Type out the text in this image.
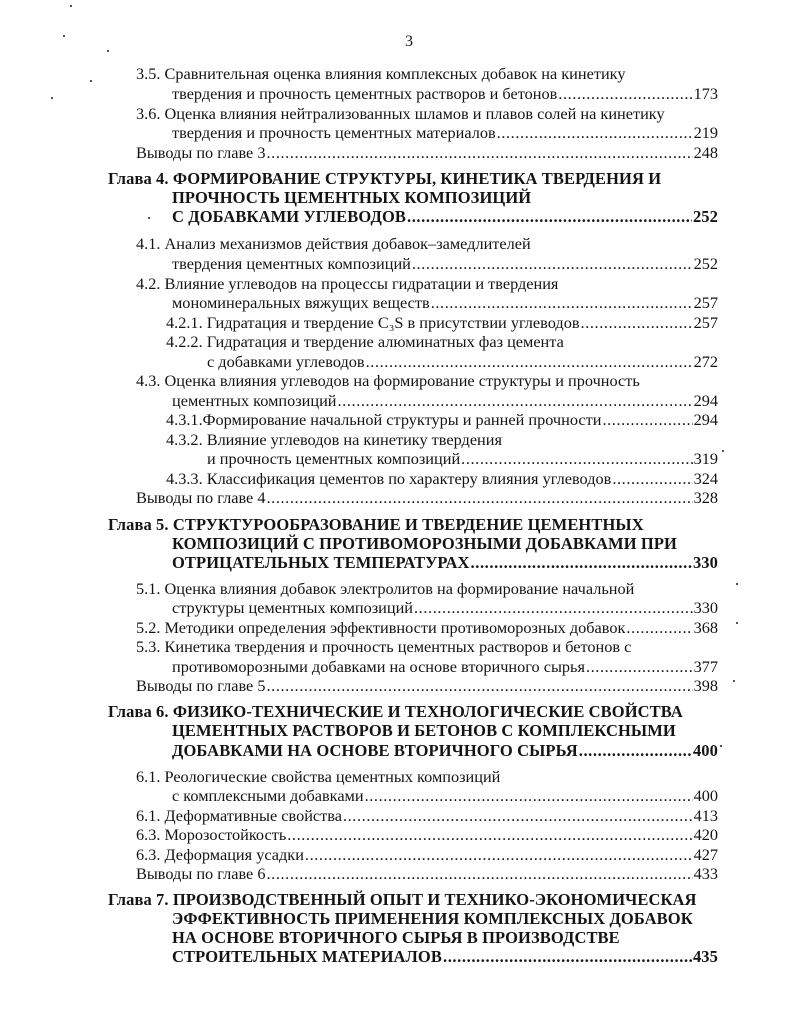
3
3.5. Сравнительная оценка влияния комплексных добавок на кинетику
твердения и прочность цементных растворов и бетонов .....	173
3.6. Оценка влияния нейтрализованных шламов и плавов солей на кинетику
твердения и прочность цементных материалов .....	219
Выводы по главе 3 .....	248
Глава 4. ФОРМИРОВАНИЕ СТРУКТУРЫ, КИНЕТИКА ТВЕРДЕНИЯ И
ПРОЧНОСТЬ ЦЕМЕНТНЫХ КОМПОЗИЦИЙ
С ДОБАВКАМИ УГЛЕВОДОВ .....	252
4.1. Анализ механизмов действия добавок–замедлителей
твердения цементных композиций .....	252
4.2. Влияние углеводов на процессы гидратации и твердения
мономинеральных вяжущих веществ .....	257
4.2.1. Гидратация и твердение C₃S в присутствии углеводов .....	257
4.2.2. Гидратация и твердение алюминатных фаз цемента
с добавками углеводов .....	272
4.3. Оценка влияния углеводов на формирование структуры и прочность
цементных композиций .....	294
4.3.1.Формирование начальной структуры и ранней прочности .....	294
4.3.2. Влияние углеводов на кинетику твердения
и прочность цементных композиций .....	319
4.3.3. Классификация цементов по характеру влияния углеводов .....	324
Выводы по главе 4 .....	328
Глава 5. СТРУКТУРООБРАЗОВАНИЕ И ТВЕРДЕНИЕ ЦЕМЕНТНЫХ
КОМПОЗИЦИЙ С ПРОТИВОМОРОЗНЫМИ ДОБАВКАМИ ПРИ
ОТРИЦАТЕЛЬНЫХ ТЕМПЕРАТУРАХ .....	330
5.1. Оценка влияния добавок электролитов на формирование начальной
структуры цементных композиций .....	330
5.2. Методики определения эффективности противоморозных добавок .....	368
5.3. Кинетика твердения и прочность цементных растворов и бетонов с
противоморозными добавками на основе вторичного сырья .....	377
Выводы по главе 5 .....	398
Глава 6. ФИЗИКО-ТЕХНИЧЕСКИЕ И ТЕХНОЛОГИЧЕСКИЕ СВОЙСТВА
ЦЕМЕНТНЫХ РАСТВОРОВ И БЕТОНОВ С КОМПЛЕКСНЫМИ
ДОБАВКАМИ НА ОСНОВЕ ВТОРИЧНОГО СЫРЬЯ .....	400
6.1. Реологические свойства цементных композиций
с комплексными добавками .....	400
6.1. Деформативные свойства .....	413
6.3. Морозостойкость .....	420
6.3. Деформация усадки .....	427
Выводы по главе 6 .....	433
Глава 7. ПРОИЗВОДСТВЕННЫЙ ОПЫТ И ТЕХНИКО-ЭКОНОМИЧЕСКАЯ
ЭФФЕКТИВНОСТЬ ПРИМЕНЕНИЯ КОМПЛЕКСНЫХ ДОБАВОК
НА ОСНОВЕ ВТОРИЧНОГО СЫРЬЯ В ПРОИЗВОДСТВЕ
СТРОИТЕЛЬНЫХ МАТЕРИАЛОВ .....	435
